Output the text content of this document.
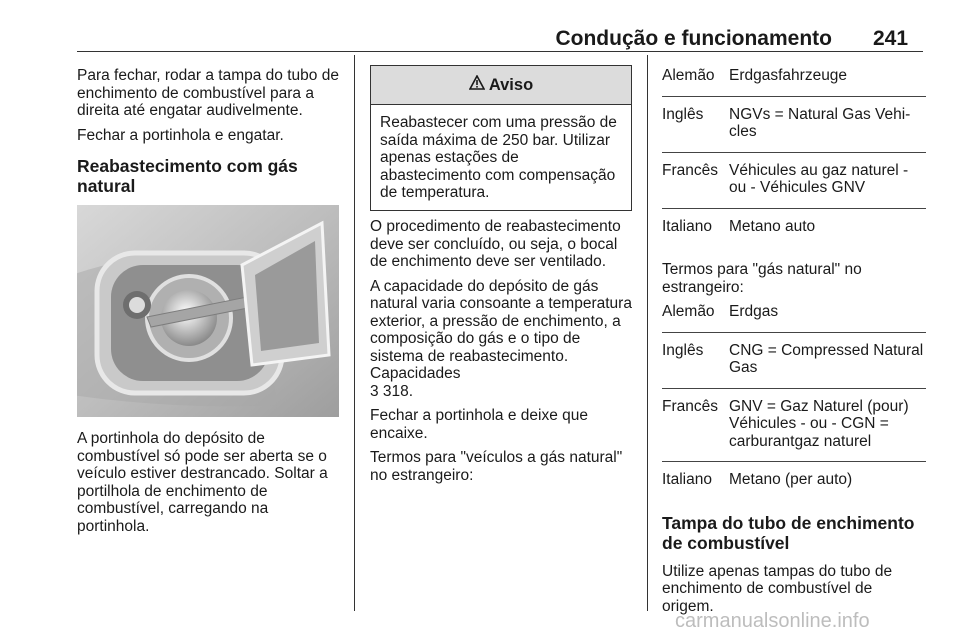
Condução e funcionamento 241

Para fechar, rodar a tampa do tubo de enchimento de combustível para a direita até engatar audivelmente.

Fechar a portinhola e engatar.

Reabastecimento com gás natural

A portinhola do depósito de combustível só pode ser aberta se o veículo estiver destrancado. Soltar a portilhola de enchimento de combustível, carregando na portinhola.

Aviso
Reabastecer com uma pressão de saída máxima de 250 bar. Utilizar apenas estações de abastecimento com compensação de temperatura.

O procedimento de reabastecimento deve ser concluído, ou seja, o bocal de enchimento deve ser ventilado.

A capacidade do depósito de gás natural varia consoante a temperatura exterior, a pressão de enchimento, a composição do gás e o tipo de sistema de reabastecimento. Capacidades
3 318.

Fechar a portinhola e deixe que encaixe.

Termos para "veículos a gás natural" no estrangeiro:

Alemão Erdgasfahrzeuge
Inglês	NGVs = Natural Gas Vehi-cles
Francês Véhicules au gaz naturel - ou - Véhicules GNV
Italiano	Metano auto

Termos para "gás natural" no estrangeiro:

Alemão Erdgas
Inglês	CNG = Compressed Natural Gas
Francês GNV = Gaz Naturel (pour) Véhicules - ou - CGN = carburantgaz naturel
Italiano	Metano (per auto)
Tampa do tubo de enchimento de combustível

Utilize apenas tampas do tubo de enchimento de combustível de origem.

carmanualsonline.info
